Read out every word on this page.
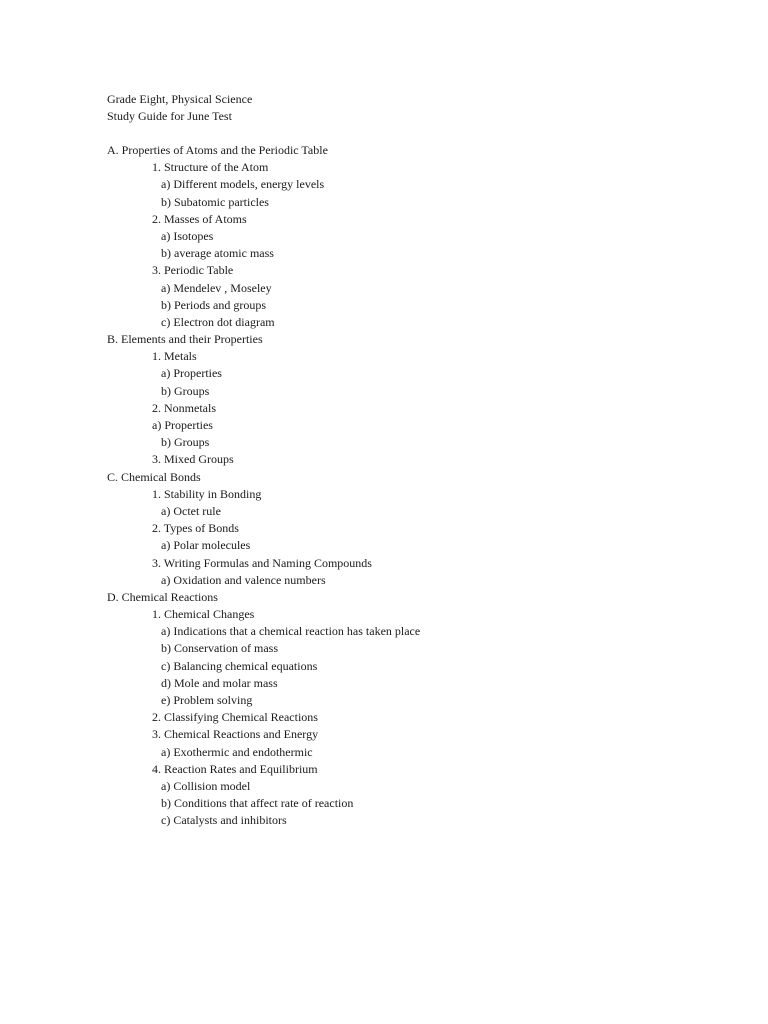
Grade Eight, Physical Science
Study Guide for June Test
A. Properties of Atoms and the Periodic Table
1. Structure of the Atom
a) Different models, energy levels
b) Subatomic particles
2. Masses of Atoms
a) Isotopes
b) average atomic mass
3. Periodic Table
a) Mendelev , Moseley
b) Periods and groups
c) Electron dot diagram
B. Elements and their Properties
1. Metals
a) Properties
b) Groups
2. Nonmetals
a) Properties
b) Groups
3. Mixed Groups
C. Chemical Bonds
1. Stability in Bonding
a) Octet rule
2. Types of Bonds
a) Polar molecules
3. Writing Formulas and Naming Compounds
a) Oxidation and valence numbers
D. Chemical Reactions
1. Chemical Changes
a) Indications that a chemical reaction has taken place
b) Conservation of mass
c) Balancing chemical equations
d) Mole and molar mass
e) Problem solving
2. Classifying Chemical Reactions
3. Chemical Reactions and Energy
a) Exothermic and endothermic
4. Reaction Rates and Equilibrium
a) Collision model
b) Conditions that affect rate of reaction
c) Catalysts and inhibitors
